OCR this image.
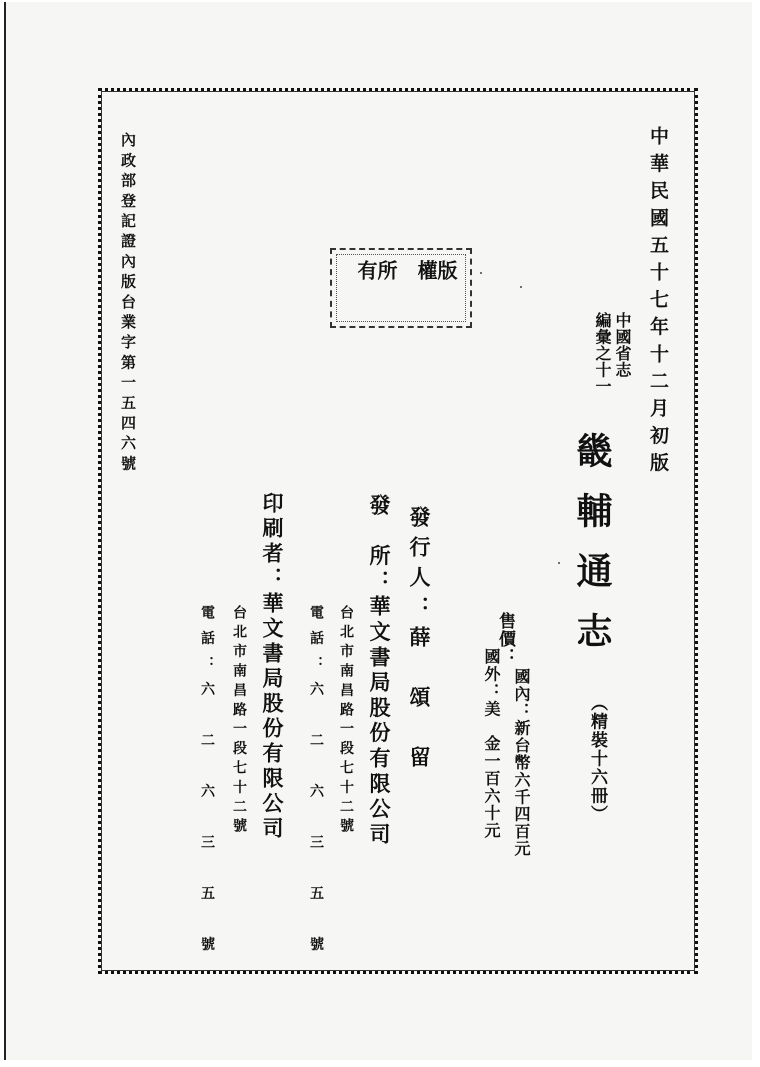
內政部登記證內版台業字第一五四六號	中華民國五十七年十二月初版

版權
所有

中國省志
編彙之十一

畿輔通志

（精裝十六冊）

售價：

國內：新台幣六千四百元

國外：美　金一百六十元

發行人：薛　頌　留

發　所：華文書局股份有限公司

台北市南昌路一段七十二號

電話：六　二　六　三　五　號

印刷者：華文書局股份有限公司

台北市南昌路一段七十二號

電話：六　二　六　三　五　號
